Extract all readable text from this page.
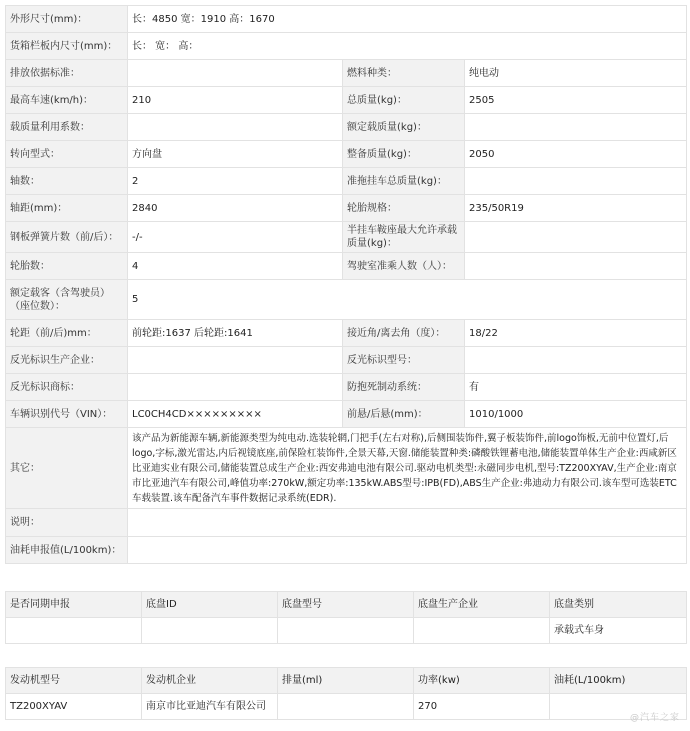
外形尺寸(mm)：	长：4850 宽：1910 高：1670		
货箱栏板内尺寸(mm)：	长： 宽： 高：		
排放依据标准：		燃料种类：	纯电动
最高车速(km/h)：	210	总质量(kg)：	2505
载质量利用系数：		额定载质量(kg)：	
转向型式：	方向盘	整备质量(kg)：	2050
轴数：	2	准拖挂车总质量(kg)：	
轴距(mm)：	2840	轮胎规格：	235/50R19
钢板弹簧片数（前/后）：	-/-	半挂车鞍座最大允许承载质量(kg)：	
轮胎数：	4	驾驶室准乘人数（人）：	
额定载客（含驾驶员）（座位数）：	5		
轮距（前/后)mm：	前轮距:1637 后轮距:1641	接近角/离去角（度）：	18/22
反光标识生产企业：		反光标识型号：	
反光标识商标：		防抱死制动系统：	有
车辆识别代号（VIN）：	LC0CH4CD×××××××××	前悬/后悬(mm)：	1010/1000
其它：	该产品为新能源车辆,新能源类型为纯电动.选装轮辋,门把手(左右对称),后侧围装饰件,翼子板装饰件,前logo饰板,无前中位置灯,后logo,字标,激光雷达,内后视镜底座,前保险杠装饰件,全景天幕,天窗.储能装置种类:磷酸铁锂蓄电池,储能装置单体生产企业:西咸新区比亚迪实业有限公司,储能装置总成生产企业:西安弗迪电池有限公司.驱动电机类型:永磁同步电机,型号:TZ200XYAV,生产企业:南京市比亚迪汽车有限公司,峰值功率:270kW,额定功率:135kW.ABS型号:IPB(FD),ABS生产企业:弗迪动力有限公司.该车型可选装ETC车载装置.该车配备汽车事件数据记录系统(EDR).		
说明：			
油耗申报值(L/100km)：			
是否同期申报	底盘ID	底盘型号	底盘生产企业	底盘类别
				承载式车身
发动机型号	发动机企业	排量(ml)	功率(kw)	油耗(L/100km)
TZ200XYAV	南京市比亚迪汽车有限公司		270	
@汽车之家
